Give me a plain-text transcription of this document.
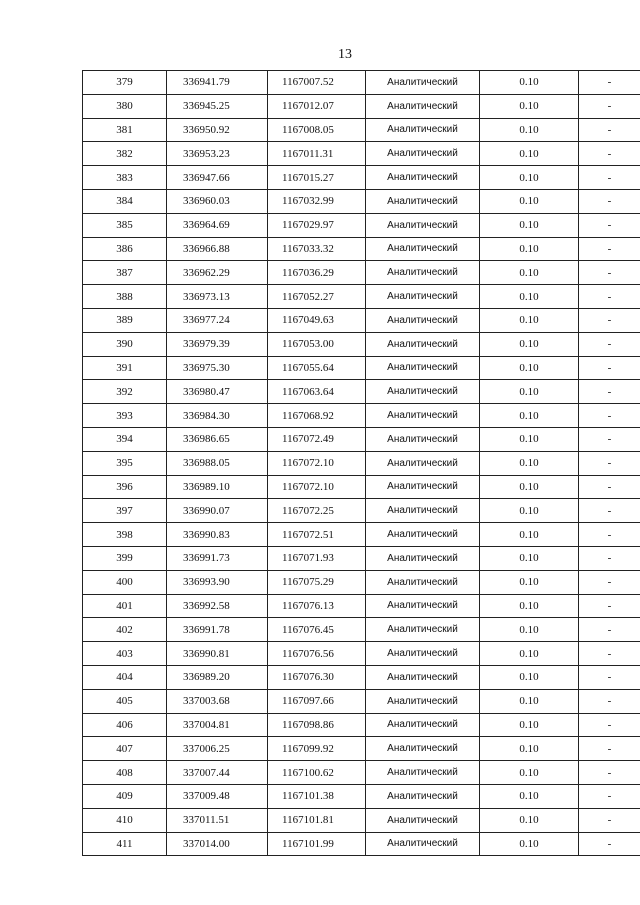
13
379	336941.79	1167007.52	Аналитический	0.10	-
380	336945.25	1167012.07	Аналитический	0.10	-
381	336950.92	1167008.05	Аналитический	0.10	-
382	336953.23	1167011.31	Аналитический	0.10	-
383	336947.66	1167015.27	Аналитический	0.10	-
384	336960.03	1167032.99	Аналитический	0.10	-
385	336964.69	1167029.97	Аналитический	0.10	-
386	336966.88	1167033.32	Аналитический	0.10	-
387	336962.29	1167036.29	Аналитический	0.10	-
388	336973.13	1167052.27	Аналитический	0.10	-
389	336977.24	1167049.63	Аналитический	0.10	-
390	336979.39	1167053.00	Аналитический	0.10	-
391	336975.30	1167055.64	Аналитический	0.10	-
392	336980.47	1167063.64	Аналитический	0.10	-
393	336984.30	1167068.92	Аналитический	0.10	-
394	336986.65	1167072.49	Аналитический	0.10	-
395	336988.05	1167072.10	Аналитический	0.10	-
396	336989.10	1167072.10	Аналитический	0.10	-
397	336990.07	1167072.25	Аналитический	0.10	-
398	336990.83	1167072.51	Аналитический	0.10	-
399	336991.73	1167071.93	Аналитический	0.10	-
400	336993.90	1167075.29	Аналитический	0.10	-
401	336992.58	1167076.13	Аналитический	0.10	-
402	336991.78	1167076.45	Аналитический	0.10	-
403	336990.81	1167076.56	Аналитический	0.10	-
404	336989.20	1167076.30	Аналитический	0.10	-
405	337003.68	1167097.66	Аналитический	0.10	-
406	337004.81	1167098.86	Аналитический	0.10	-
407	337006.25	1167099.92	Аналитический	0.10	-
408	337007.44	1167100.62	Аналитический	0.10	-
409	337009.48	1167101.38	Аналитический	0.10	-
410	337011.51	1167101.81	Аналитический	0.10	-
411	337014.00	1167101.99	Аналитический	0.10	-
